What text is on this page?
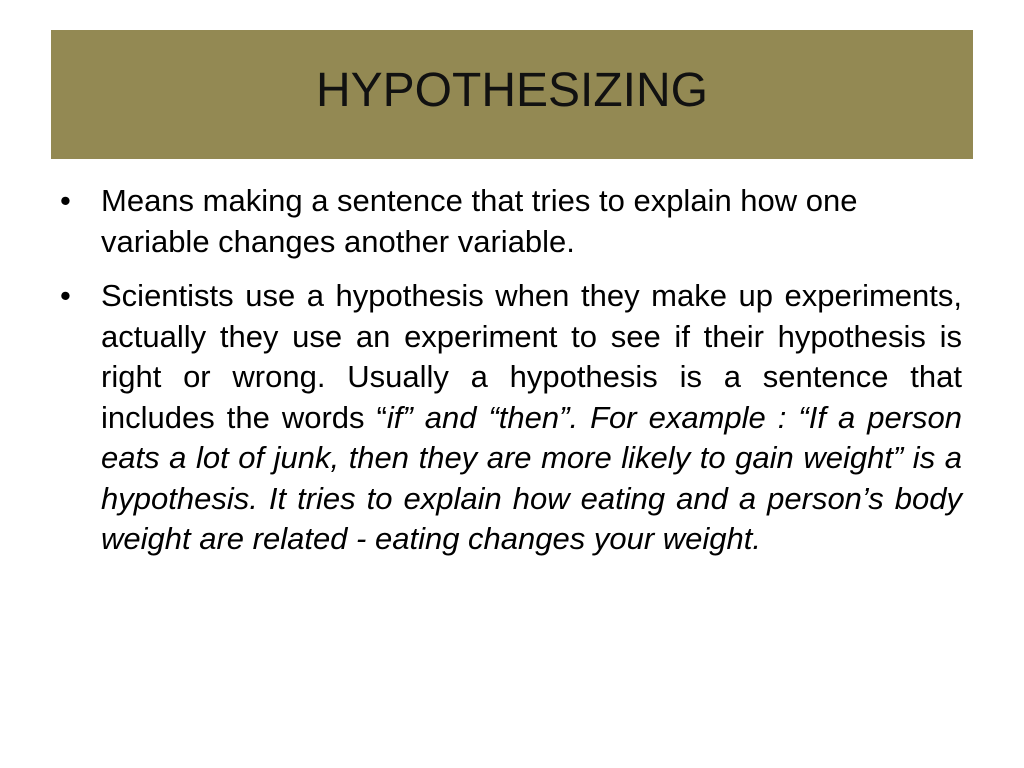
HYPOTHESIZING
• Means making a sentence that tries to explain how one variable changes another variable.
• Scientists use a hypothesis when they make up experiments, actually they use an experiment to see if their hypothesis is right or wrong. Usually a hypothesis is a sentence that includes the words “if” and “then”. For example : “If a person eats a lot of junk, then they are more likely to gain weight” is a hypothesis. It tries to explain how eating and a person’s body weight are related - eating changes your weight.
